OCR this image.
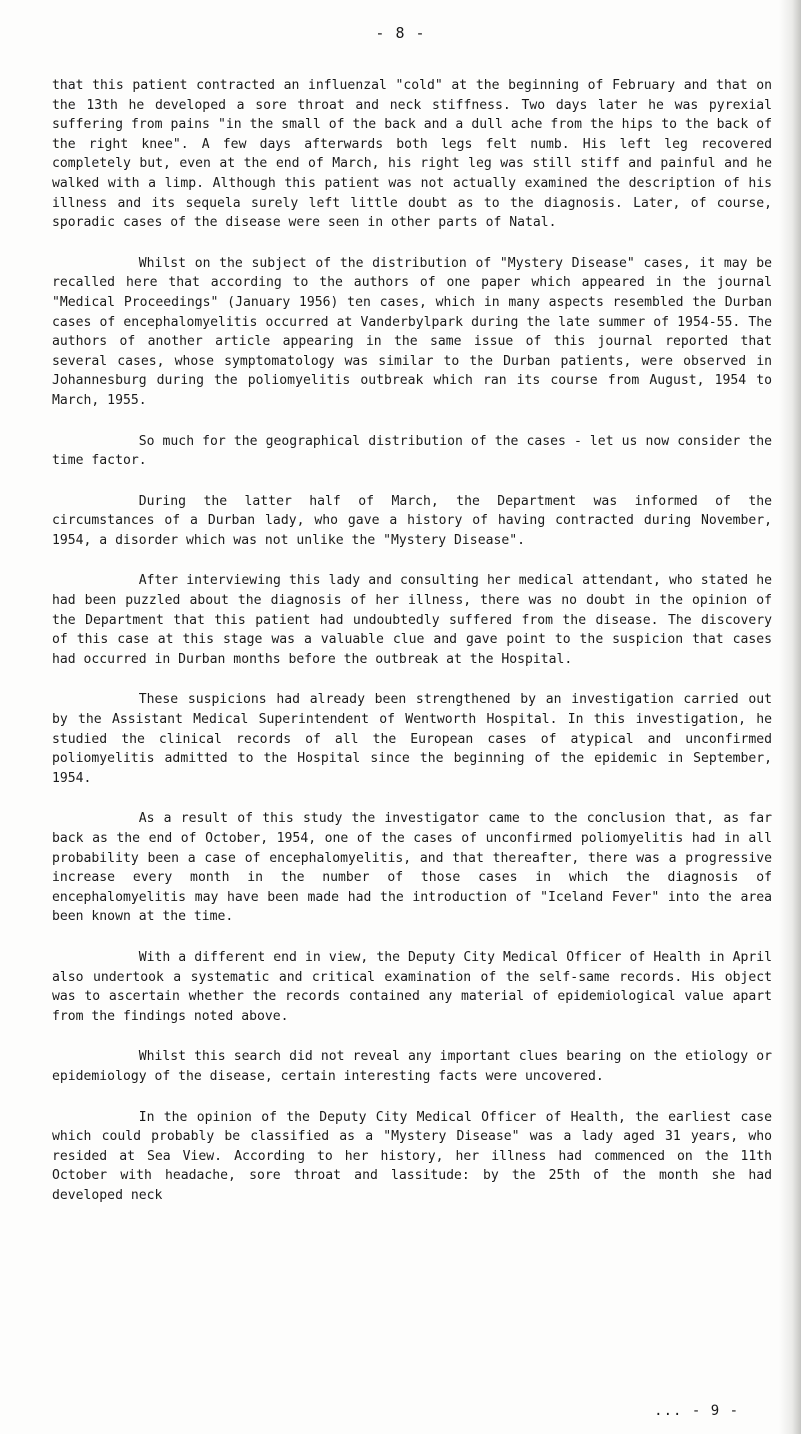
- 8 -

that this patient contracted an influenzal "cold" at the beginning of February and that on the 13th he developed a sore throat and neck stiffness. Two days later he was pyrexial suffering from pains "in the small of the back and a dull ache from the hips to the back of the right knee". A few days afterwards both legs felt numb. His left leg recovered completely but, even at the end of March, his right leg was still stiff and painful and he walked with a limp. Although this patient was not actually examined the description of his illness and its sequela surely left little doubt as to the diagnosis. Later, of course, sporadic cases of the disease were seen in other parts of Natal.

Whilst on the subject of the distribution of "Mystery Disease" cases, it may be recalled here that according to the authors of one paper which appeared in the journal "Medical Proceedings" (January 1956) ten cases, which in many aspects resembled the Durban cases of encephalomyelitis occurred at Vanderbylpark during the late summer of 1954-55. The authors of another article appearing in the same issue of this journal reported that several cases, whose symptomatology was similar to the Durban patients, were observed in Johannesburg during the poliomyelitis outbreak which ran its course from August, 1954 to March, 1955.

So much for the geographical distribution of the cases - let us now consider the time factor.

During the latter half of March, the Department was informed of the circumstances of a Durban lady, who gave a history of having contracted during November, 1954, a disorder which was not unlike the "Mystery Disease".

After interviewing this lady and consulting her medical attendant, who stated he had been puzzled about the diagnosis of her illness, there was no doubt in the opinion of the Department that this patient had undoubtedly suffered from the disease. The discovery of this case at this stage was a valuable clue and gave point to the suspicion that cases had occurred in Durban months before the outbreak at the Hospital.

These suspicions had already been strengthened by an investigation carried out by the Assistant Medical Superintendent of Wentworth Hospital. In this investigation, he studied the clinical records of all the European cases of atypical and unconfirmed poliomyelitis admitted to the Hospital since the beginning of the epidemic in September, 1954.

As a result of this study the investigator came to the conclusion that, as far back as the end of October, 1954, one of the cases of unconfirmed poliomyelitis had in all probability been a case of encephalomyelitis, and that thereafter, there was a progressive increase every month in the number of those cases in which the diagnosis of encephalomyelitis may have been made had the introduction of "Iceland Fever" into the area been known at the time.

With a different end in view, the Deputy City Medical Officer of Health in April also undertook a systematic and critical examination of the self-same records. His object was to ascertain whether the records contained any material of epidemiological value apart from the findings noted above.

Whilst this search did not reveal any important clues bearing on the etiology or epidemiology of the disease, certain interesting facts were uncovered.

In the opinion of the Deputy City Medical Officer of Health, the earliest case which could probably be classified as a "Mystery Disease" was a lady aged 31 years, who resided at Sea View. According to her history, her illness had commenced on the 11th October with headache, sore throat and lassitude: by the 25th of the month she had developed neck

... - 9 -
